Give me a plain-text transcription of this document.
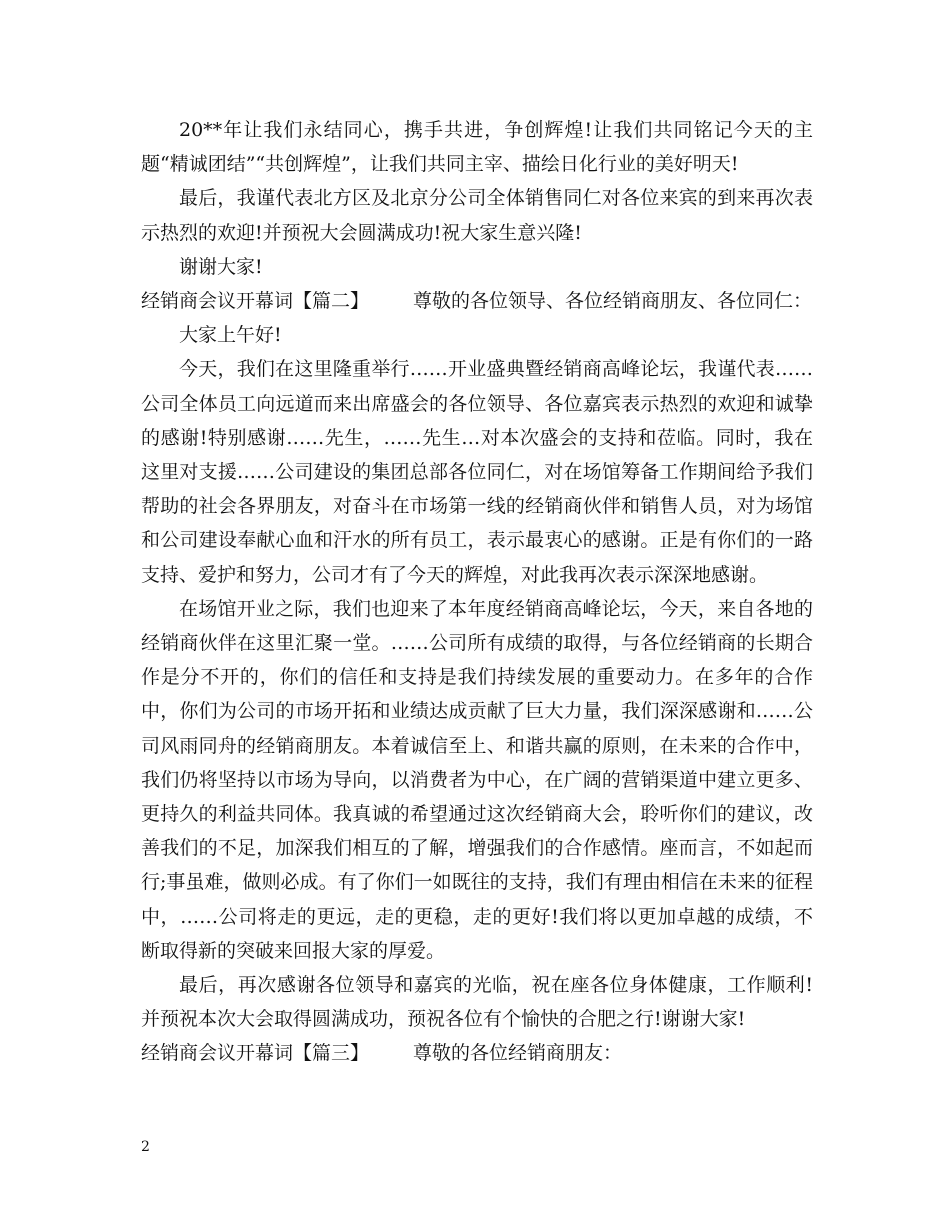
20**年让我们永结同心，携手共进，争创辉煌!让我们共同铭记今天的主题“精诚团结”“共创辉煌”，让我们共同主宰、描绘日化行业的美好明天!

最后，我谨代表北方区及北京分公司全体销售同仁对各位来宾的到来再次表示热烈的欢迎!并预祝大会圆满成功!祝大家生意兴隆!

谢谢大家!

经销商会议开幕词【篇二】 尊敬的各位领导、各位经销商朋友、各位同仁：

大家上午好!

今天，我们在这里隆重举行……开业盛典暨经销商高峰论坛，我谨代表……公司全体员工向远道而来出席盛会的各位领导、各位嘉宾表示热烈的欢迎和诚挚的感谢!特别感谢……先生，……先生…对本次盛会的支持和莅临。同时，我在这里对支援……公司建设的集团总部各位同仁，对在场馆筹备工作期间给予我们帮助的社会各界朋友，对奋斗在市场第一线的经销商伙伴和销售人员，对为场馆和公司建设奉献心血和汗水的所有员工，表示最衷心的感谢。正是有你们的一路支持、爱护和努力，公司才有了今天的辉煌，对此我再次表示深深地感谢。

在场馆开业之际，我们也迎来了本年度经销商高峰论坛，今天，来自各地的经销商伙伴在这里汇聚一堂。……公司所有成绩的取得，与各位经销商的长期合作是分不开的，你们的信任和支持是我们持续发展的重要动力。在多年的合作中，你们为公司的市场开拓和业绩达成贡献了巨大力量，我们深深感谢和……公司风雨同舟的经销商朋友。本着诚信至上、和谐共赢的原则，在未来的合作中，我们仍将坚持以市场为导向，以消费者为中心，在广阔的营销渠道中建立更多、更持久的利益共同体。我真诚的希望通过这次经销商大会，聆听你们的建议，改善我们的不足，加深我们相互的了解，增强我们的合作感情。座而言，不如起而行;事虽难，做则必成。有了你们一如既往的支持，我们有理由相信在未来的征程中，……公司将走的更远，走的更稳，走的更好!我们将以更加卓越的成绩，不断取得新的突破来回报大家的厚爱。

最后，再次感谢各位领导和嘉宾的光临，祝在座各位身体健康，工作顺利!并预祝本次大会取得圆满成功，预祝各位有个愉快的合肥之行!谢谢大家!

经销商会议开幕词【篇三】 尊敬的各位经销商朋友：

2
